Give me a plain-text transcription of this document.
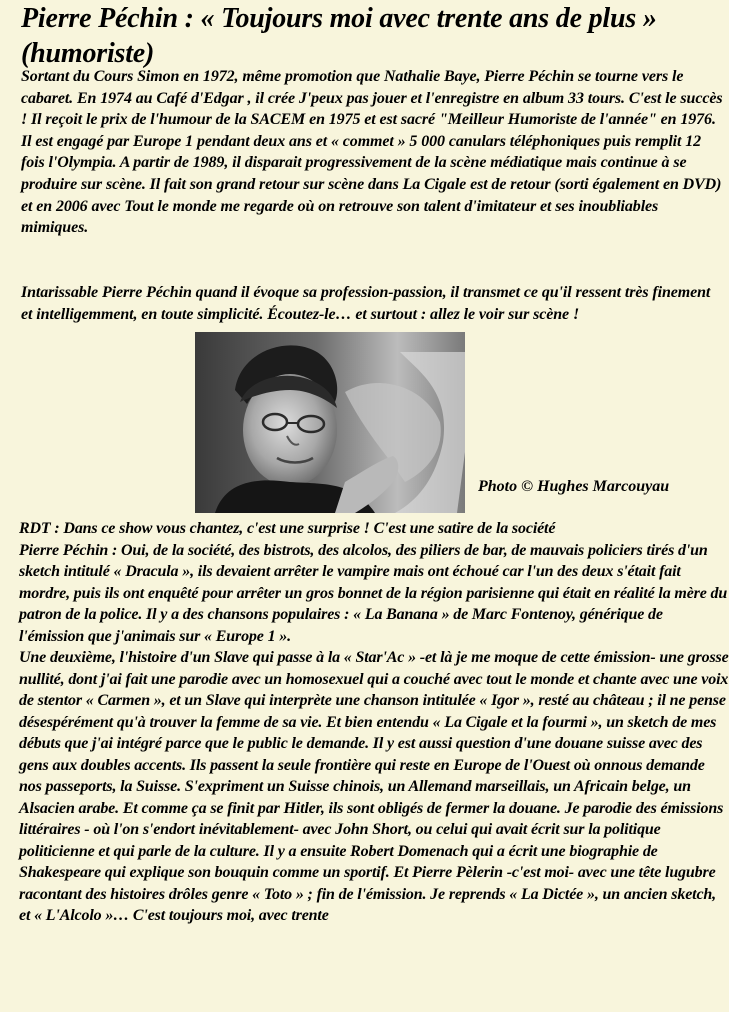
Pierre Péchin : « Toujours moi avec trente ans de plus » (humoriste)

Sortant du Cours Simon en 1972, même promotion que Nathalie Baye, Pierre Péchin se tourne vers le cabaret. En 1974 au Café d'Edgar , il crée J'peux pas jouer et l'enregistre en album 33 tours. C'est le succès ! Il reçoit le prix de l'humour de la SACEM en 1975 et est sacré "Meilleur Humoriste de l'année" en 1976. Il est engagé par Europe 1 pendant deux ans et « commet » 5 000 canulars téléphoniques puis remplit 12 fois l'Olympia. A partir de 1989, il disparait progressivement de la scène médiatique mais continue à se produire sur scène. Il fait son grand retour sur scène dans La Cigale est de retour (sorti également en DVD) et en 2006 avec Tout le monde me regarde où on retrouve son talent d'imitateur et ses inoubliables mimiques.

Intarissable Pierre Péchin quand il évoque sa profession-passion, il transmet ce qu'il ressent très finement et intelligemment, en toute simplicité. Écoutez-le… et surtout : allez le voir sur scène !

Photo © Hughes Marcouyau

RDT : Dans ce show vous chantez, c'est une surprise ! C'est une satire de la société

Pierre Péchin : Oui, de la société, des bistrots, des alcolos, des piliers de bar, de mauvais policiers tirés d'un sketch intitulé « Dracula », ils devaient arrêter le vampire mais ont échoué car l'un des deux s'était fait mordre, puis ils ont enquêté pour arrêter un gros bonnet de la région parisienne qui était en réalité la mère du patron de la police. Il y a des chansons populaires : « La Banana » de Marc Fontenoy, générique de l'émission que j'animais sur « Europe 1 ».

Une deuxième, l'histoire d'un Slave qui passe à la « Star'Ac » -et là je me moque de cette émission- une grosse nullité, dont j'ai fait une parodie avec un homosexuel qui a couché avec tout le monde et chante avec une voix de stentor « Carmen », et un Slave qui interprète une chanson intitulée « Igor », resté au château ; il ne pense désespérément qu'à trouver la femme de sa vie. Et bien entendu « La Cigale et la fourmi », un sketch de mes débuts que j'ai intégré parce que le public le demande. Il y est aussi question d'une douane suisse avec des gens aux doubles accents. Ils passent la seule frontière qui reste en Europe de l'Ouest où onnous demande nos passeports, la Suisse. S'expriment un Suisse chinois, un Allemand marseillais, un Africain belge, un Alsacien arabe. Et comme ça se finit par Hitler, ils sont obligés de fermer la douane. Je parodie des émissions littéraires - où l'on s'endort inévitablement- avec John Short, ou celui qui avait écrit sur la politique politicienne et qui parle de la culture. Il y a ensuite Robert Domenach qui a écrit une biographie de Shakespeare qui explique son bouquin comme un sportif. Et Pierre Pèlerin -c'est moi- avec une tête lugubre racontant des histoires drôles genre « Toto » ; fin de l'émission. Je reprends « La Dictée », un ancien sketch, et « L'Alcolo »… C'est toujours moi, avec trente
